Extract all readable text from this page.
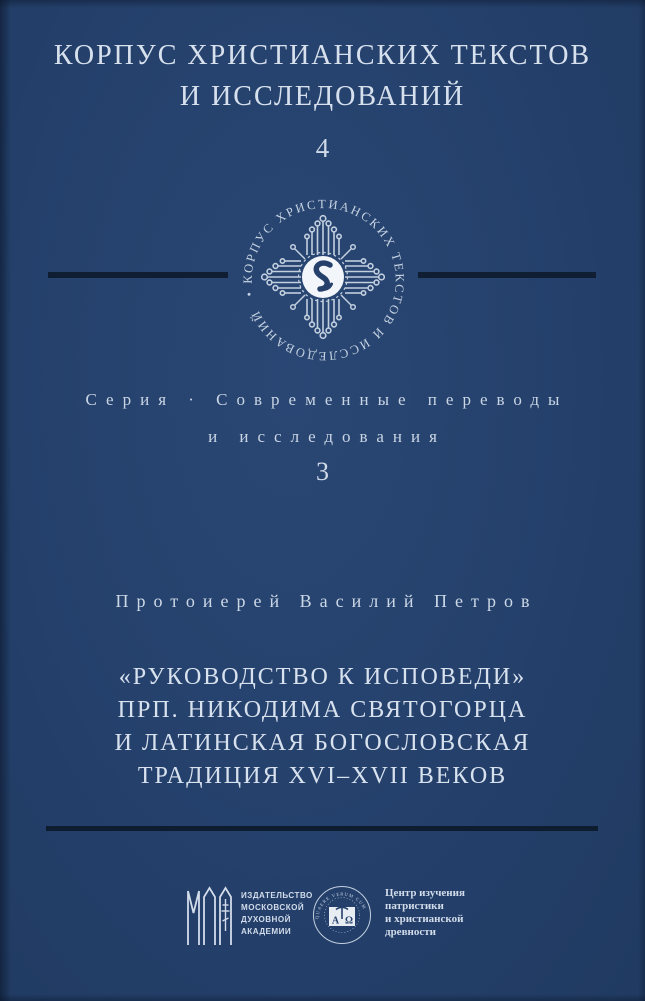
КОРПУС ХРИСТИАНСКИХ ТЕКСТОВ
И ИССЛЕДОВАНИЙ
4
• КОРПУС ХРИСТИАНСКИХ ТЕКСТОВ И ИССЛЕДОВАНИЙ
Серия · Современные переводы
и исследования
3
Протоиерей Василий Петров
«РУКОВОДСТВО К ИСПОВЕДИ»
ПРП. НИКОДИМА СВЯТОГОРЦА
И ЛАТИНСКАЯ БОГОСЛОВСКАЯ
ТРАДИЦИЯ XVI–XVII ВЕКОВ
ИЗДАТЕЛЬСТВО
МОСКОВСКОЙ
ДУХОВНОЙ
АКАДЕМИИ
QUAERE VERUM CUM
А Ω
Центр изучения
патристики
и христианской
древности
